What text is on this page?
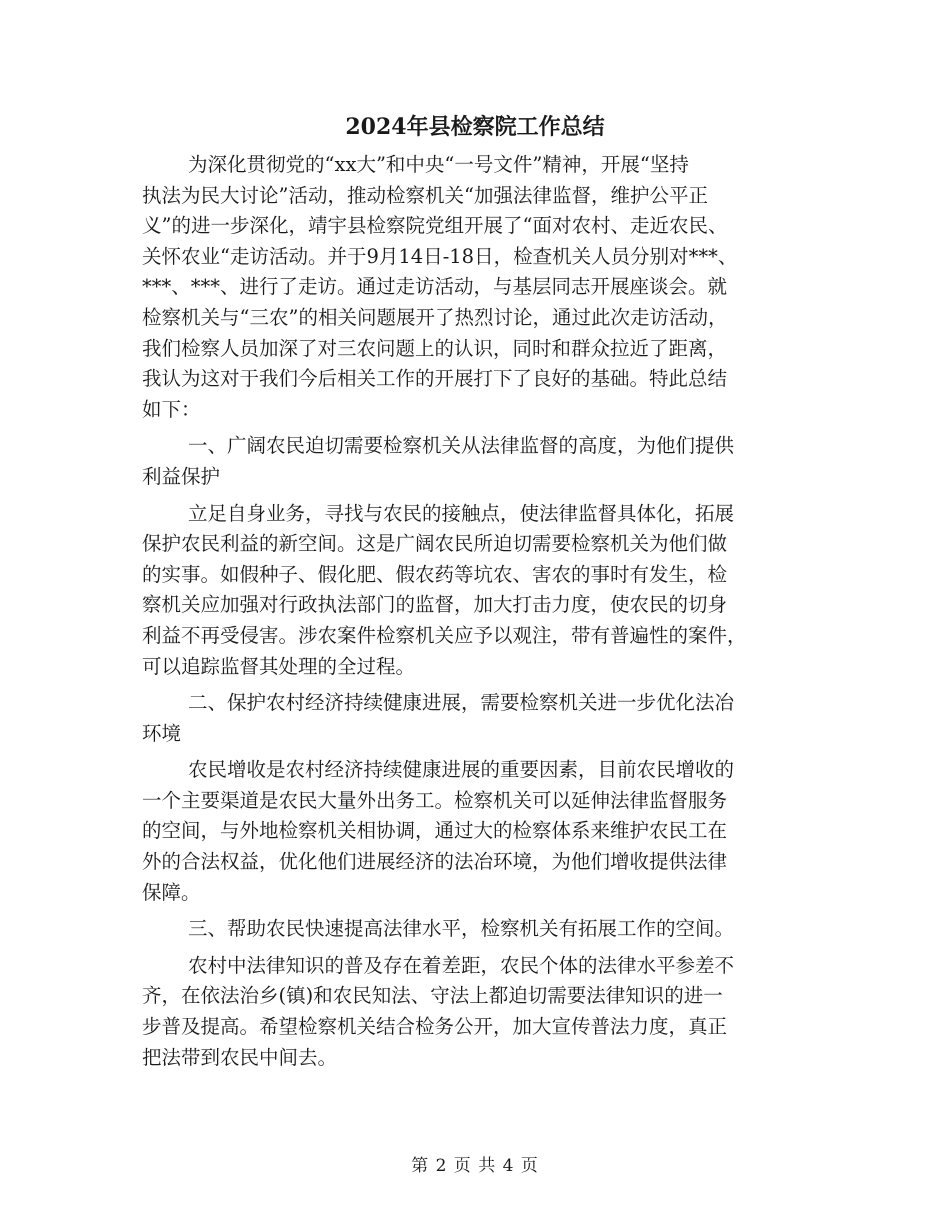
2024年县检察院工作总结
为深化贯彻党的“xx大”和中央“一号文件”精神，开展“坚持
执法为民大讨论”活动，推动检察机关“加强法律监督，维护公平正
义”的进一步深化，靖宇县检察院党组开展了“面对农村、走近农民、
关怀农业“走访活动。并于9月14日-18日，检查机关人员分别对***、
***、***、进行了走访。通过走访活动，与基层同志开展座谈会。就
检察机关与“三农”的相关问题展开了热烈讨论，通过此次走访活动，
我们检察人员加深了对三农问题上的认识，同时和群众拉近了距离，
我认为这对于我们今后相关工作的开展打下了良好的基础。特此总结
如下：
一、广阔农民迫切需要检察机关从法律监督的高度，为他们提供
利益保护
立足自身业务，寻找与农民的接触点，使法律监督具体化，拓展
保护农民利益的新空间。这是广阔农民所迫切需要检察机关为他们做
的实事。如假种子、假化肥、假农药等坑农、害农的事时有发生，检
察机关应加强对行政执法部门的监督，加大打击力度，使农民的切身
利益不再受侵害。涉农案件检察机关应予以观注，带有普遍性的案件，
可以追踪监督其处理的全过程。
二、保护农村经济持续健康进展，需要检察机关进一步优化法冶
环境
农民增收是农村经济持续健康进展的重要因素，目前农民增收的
一个主要渠道是农民大量外出务工。检察机关可以延伸法律监督服务
的空间，与外地检察机关相协调，通过大的检察体系来维护农民工在
外的合法权益，优化他们进展经济的法冶环境，为他们增收提供法律
保障。
三、帮助农民快速提高法律水平，检察机关有拓展工作的空间。
农村中法律知识的普及存在着差距，农民个体的法律水平参差不
齐，在依法治乡(镇)和农民知法、守法上都迫切需要法律知识的进一
步普及提高。希望检察机关结合检务公开，加大宣传普法力度，真正
把法带到农民中间去。
第 2 页 共 4 页
